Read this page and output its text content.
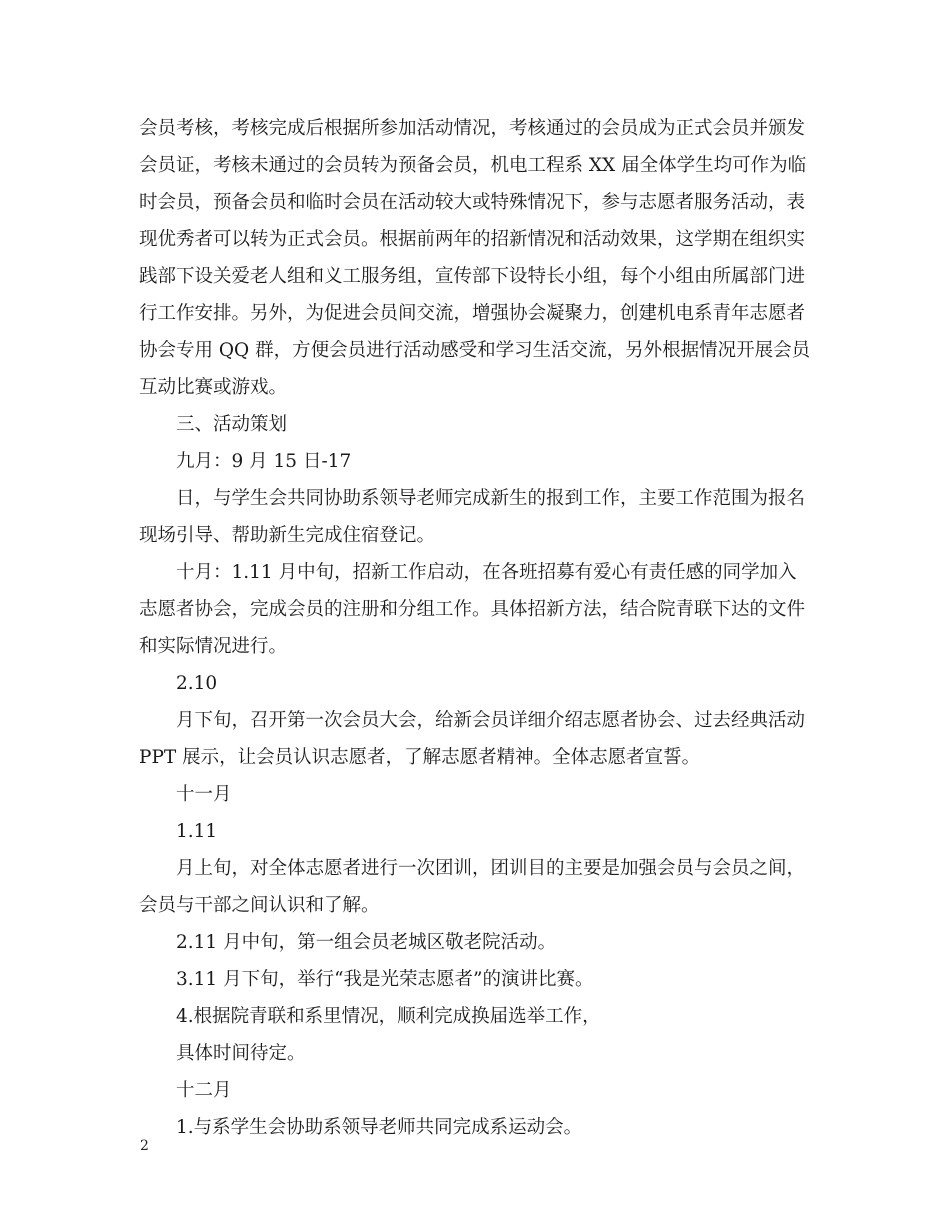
会员考核，考核完成后根据所参加活动情况，考核通过的会员成为正式会员并颁发
会员证，考核未通过的会员转为预备会员，机电工程系 XX 届全体学生均可作为临
时会员，预备会员和临时会员在活动较大或特殊情况下，参与志愿者服务活动，表
现优秀者可以转为正式会员。根据前两年的招新情况和活动效果，这学期在组织实
践部下设关爱老人组和义工服务组，宣传部下设特长小组，每个小组由所属部门进
行工作安排。另外，为促进会员间交流，增强协会凝聚力，创建机电系青年志愿者
协会专用 QQ 群，方便会员进行活动感受和学习生活交流，另外根据情况开展会员
互动比赛或游戏。
三、活动策划
九月：9 月 15 日-17
日，与学生会共同协助系领导老师完成新生的报到工作，主要工作范围为报名
现场引导、帮助新生完成住宿登记。
十月：1.11 月中旬，招新工作启动，在各班招募有爱心有责任感的同学加入
志愿者协会，完成会员的注册和分组工作。具体招新方法，结合院青联下达的文件
和实际情况进行。
2.10
月下旬，召开第一次会员大会，给新会员详细介绍志愿者协会、过去经典活动
PPT 展示，让会员认识志愿者，了解志愿者精神。全体志愿者宣誓。
十一月
1.11
月上旬，对全体志愿者进行一次团训，团训目的主要是加强会员与会员之间，
会员与干部之间认识和了解。
2.11 月中旬，第一组会员老城区敬老院活动。
3.11 月下旬，举行“我是光荣志愿者”的演讲比赛。
4.根据院青联和系里情况，顺利完成换届选举工作，
具体时间待定。
十二月
1.与系学生会协助系领导老师共同完成系运动会。
2
